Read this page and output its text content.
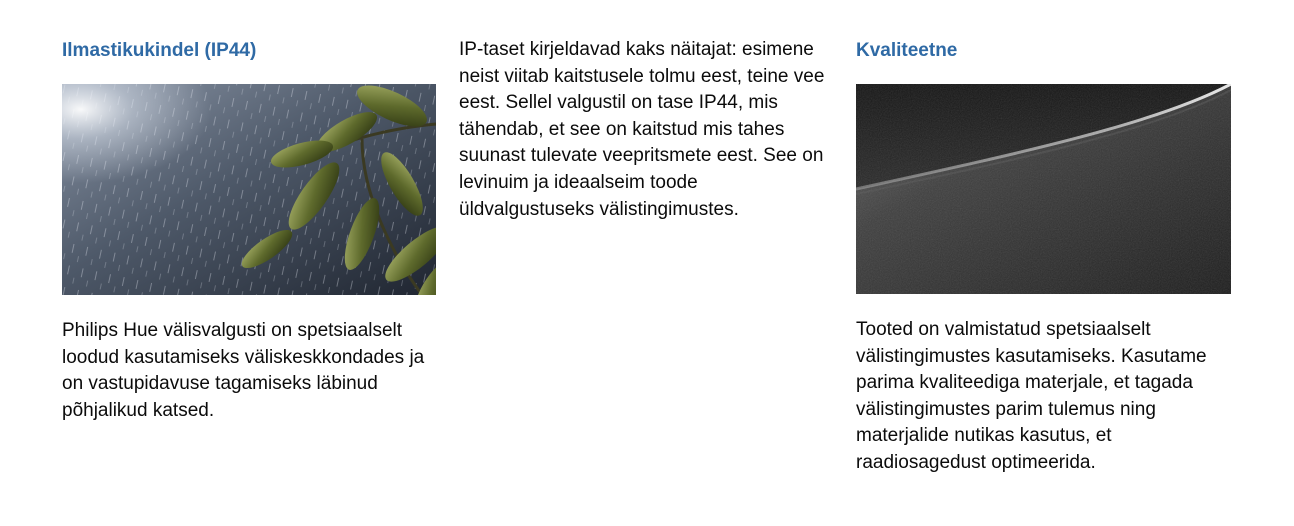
Ilmastikukindel (IP44)

Philips Hue välisvalgusti on spetsiaalselt loodud kasutamiseks väliskeskkondades ja on vastupidavuse tagamiseks läbinud põhjalikud katsed.

IP-taset kirjeldavad kaks näitajat: esimene neist viitab kaitstusele tolmu eest, teine vee eest. Sellel valgustil on tase IP44, mis tähendab, et see on kaitstud mis tahes suunast tulevate veepritsmete eest. See on levinuim ja ideaalseim toode üldvalgustuseks välistingimustes.

Kvaliteetne

Tooted on valmistatud spetsiaalselt välistingimustes kasutamiseks. Kasutame parima kvaliteediga materjale, et tagada välistingimustes parim tulemus ning materjalide nutikas kasutus, et raadiosagedust optimeerida.
